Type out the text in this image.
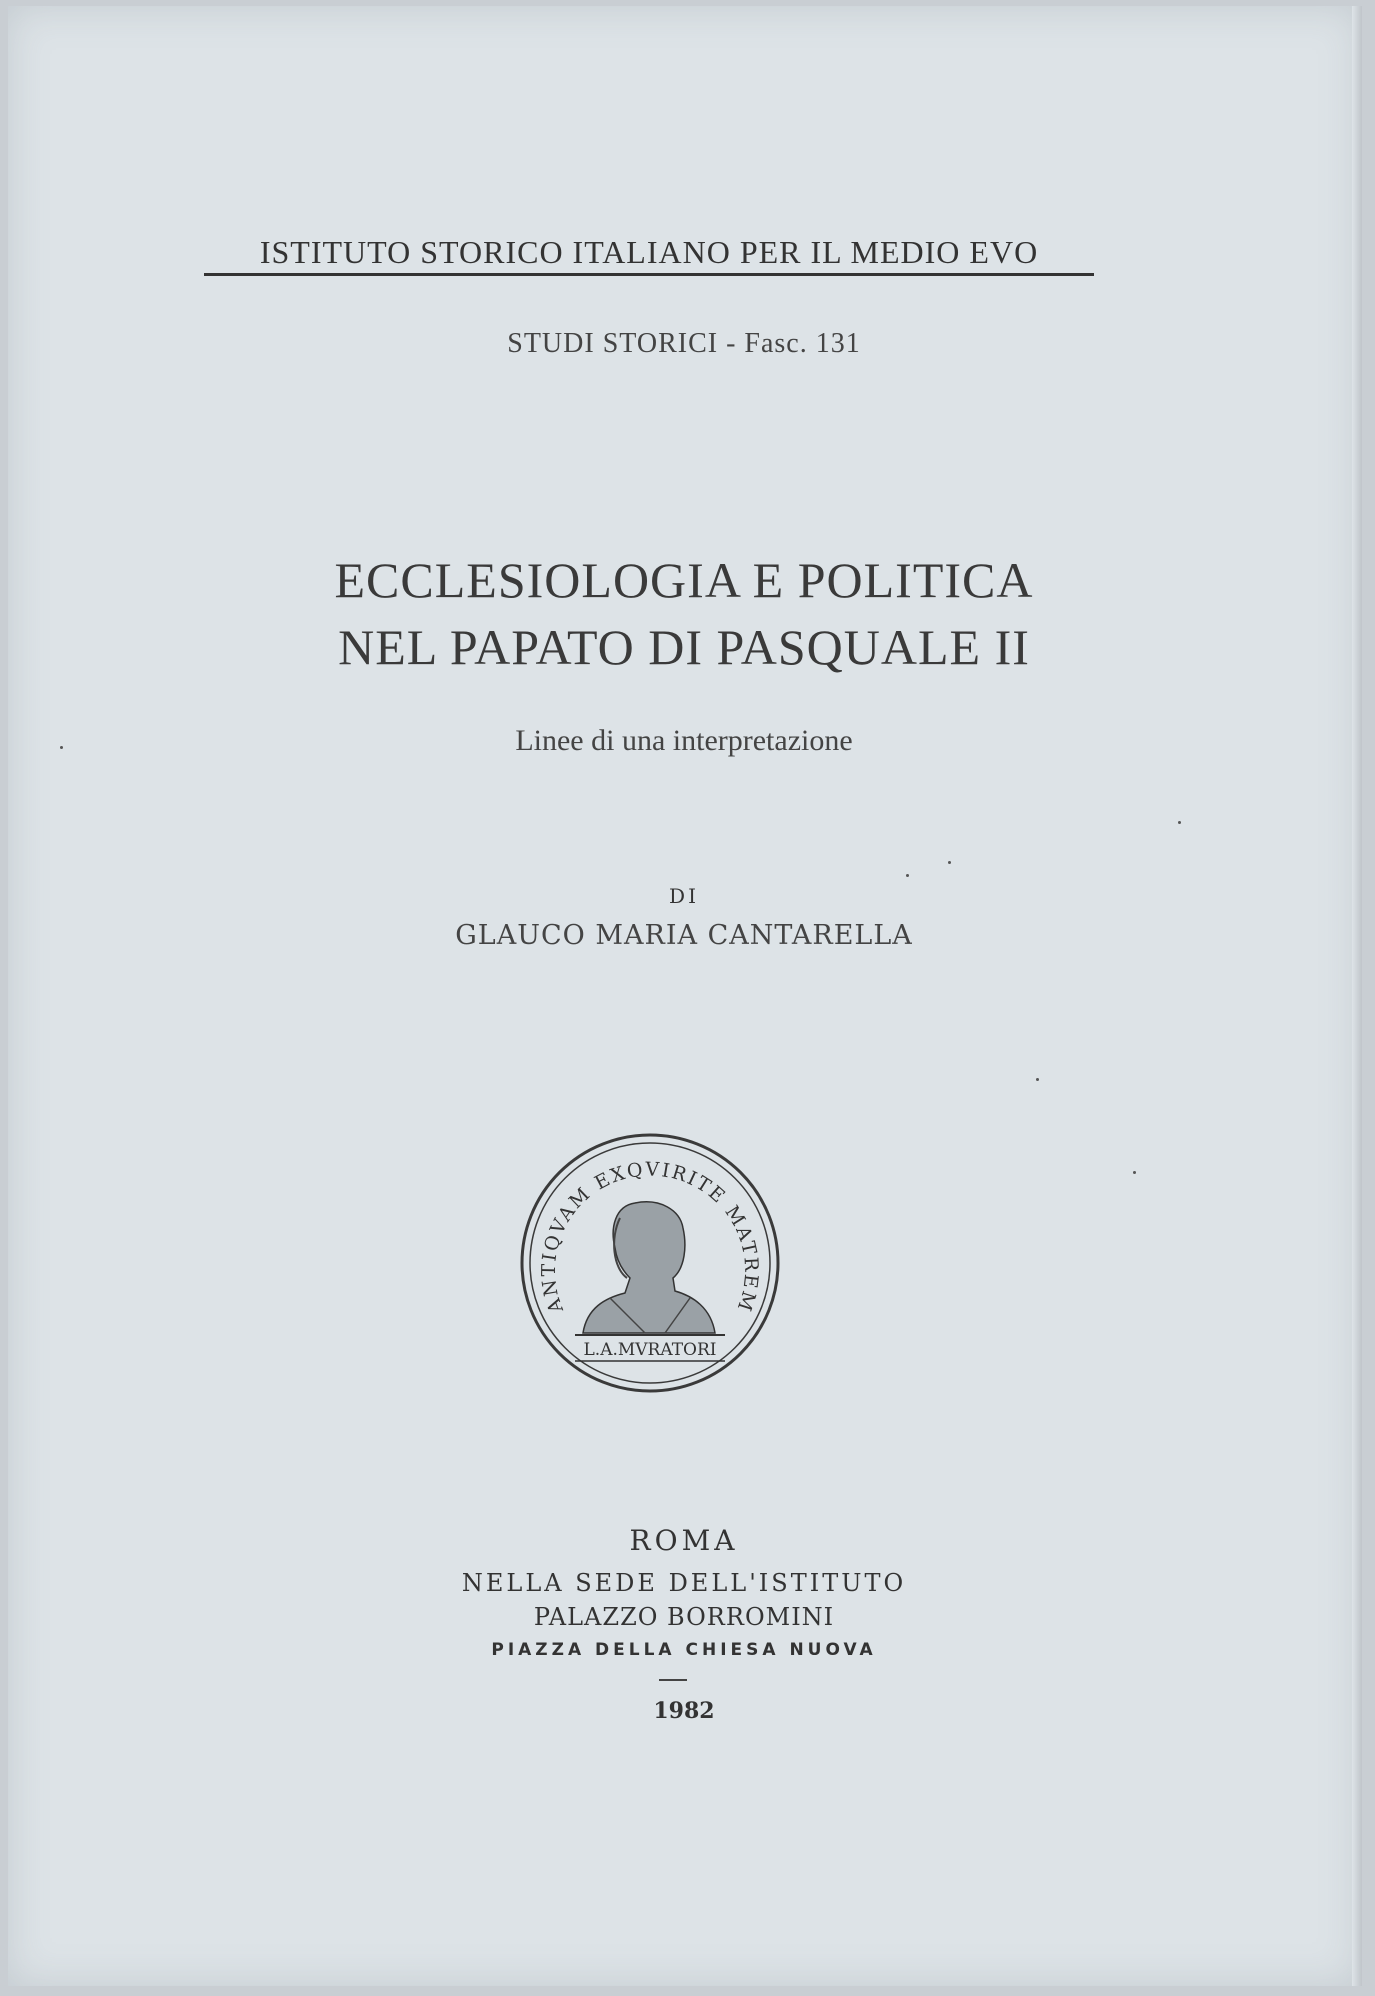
ISTITUTO STORICO ITALIANO PER IL MEDIO EVO
STUDI STORICI - Fasc. 131
ECCLESIOLOGIA E POLITICA
NEL PAPATO DI PASQUALE II
Linee di una interpretazione
DI
GLAUCO MARIA CANTARELLA
ANTIQVAM EXQVIRITE MATREM
L.A.MVRATORI
ROMA
NELLA SEDE DELL'ISTITUTO
PALAZZO BORROMINI
PIAZZA DELLA CHIESA NUOVA
1982
